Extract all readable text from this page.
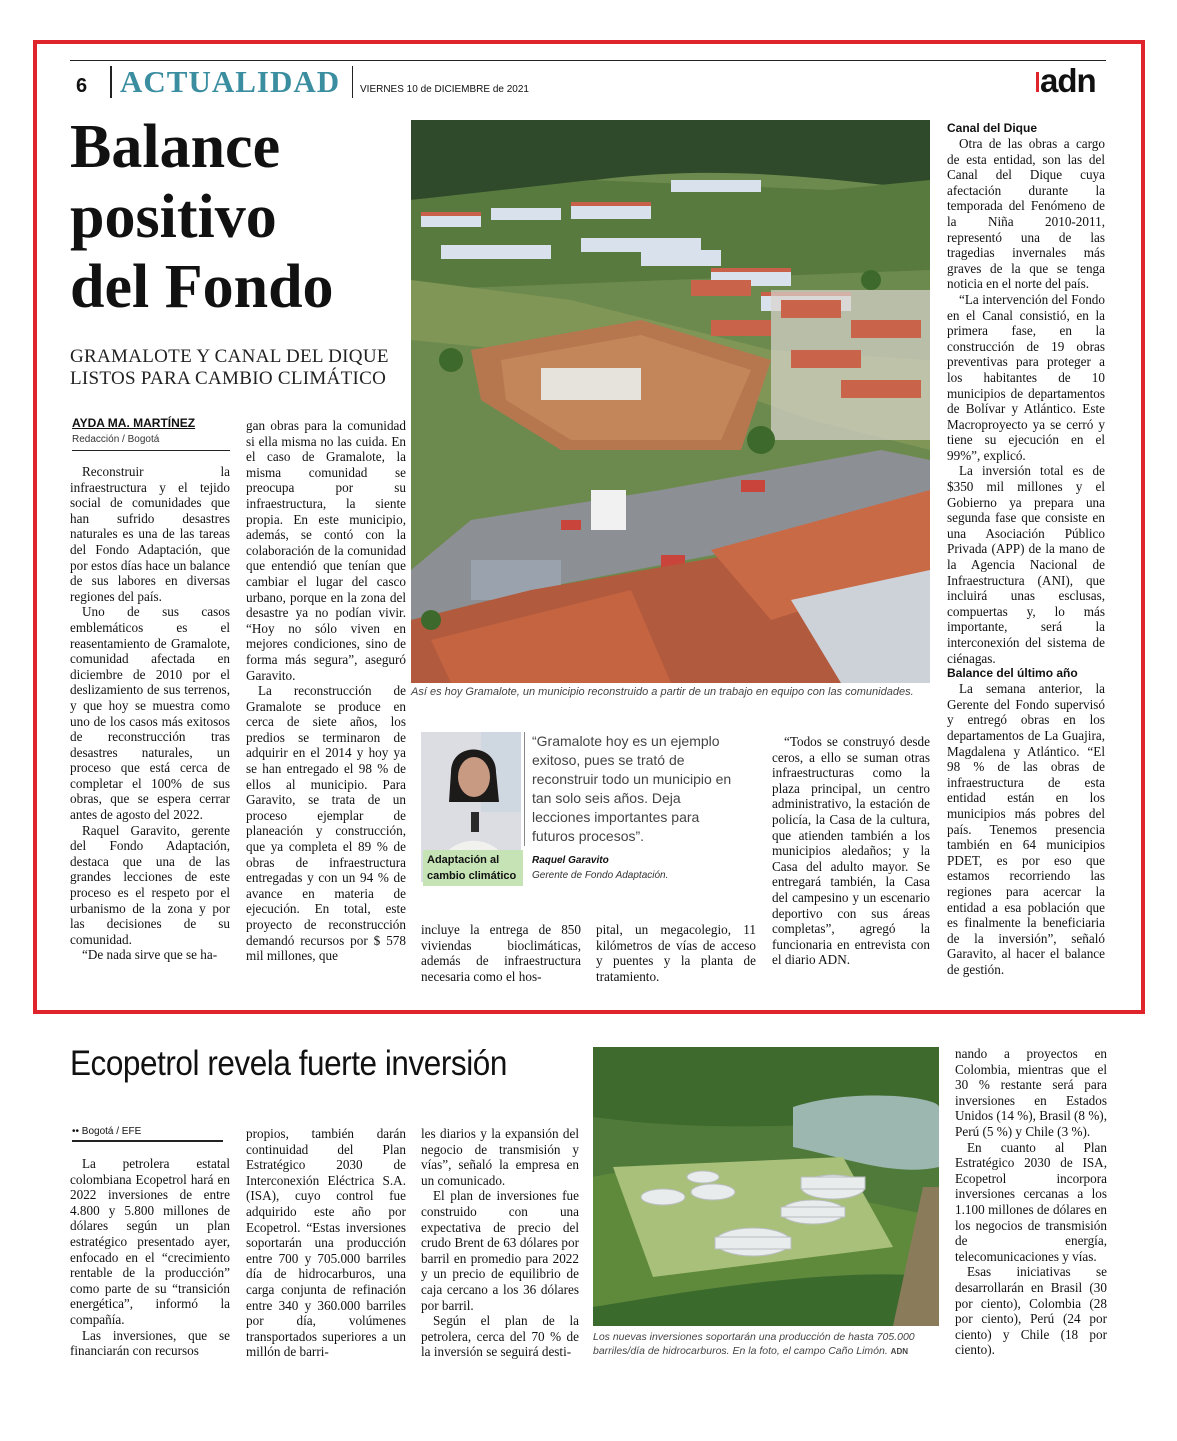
6 ACTUALIDAD VIERNES 10 de DICIEMBRE de 2021	adn
Balance
positivo
del Fondo
GRAMALOTE Y CANAL DEL DIQUE
LISTOS PARA CAMBIO CLIMÁTICO
AYDA MA. MARTÍNEZ
Redacción / Bogotá

Reconstruir la infraestructura y el tejido social de comunidades que han sufrido desastres naturales es una de las tareas del Fondo Adaptación, que por estos días hace un balance de sus labores en diversas regiones del país.

Uno de sus casos emblemáticos es el reasentamiento de Gramalote, comunidad afectada en diciembre de 2010 por el deslizamiento de sus terrenos, y que hoy se muestra como uno de los casos más exitosos de reconstrucción tras desastres naturales, un proceso que está cerca de completar el 100% de sus obras, que se espera cerrar antes de agosto del 2022.

Raquel Garavito, gerente del Fondo Adaptación, destaca que una de las grandes lecciones de este proceso es el respeto por el urbanismo de la zona y por las decisiones de su comunidad.

“De nada sirve que se ha-

gan obras para la comunidad si ella misma no las cuida. En el caso de Gramalote, la misma comunidad se preocupa por su infraestructura, la siente propia. En este municipio, además, se contó con la colaboración de la comunidad que entendió que tenían que cambiar el lugar del casco urbano, porque en la zona del desastre ya no podían vivir. “Hoy no sólo viven en mejores condiciones, sino de forma más segura”, aseguró Garavito.

La reconstrucción de Gramalote se produce en cerca de siete años, los predios se terminaron de adquirir en el 2014 y hoy ya se han entregado el 98 % de ellos al municipio. Para Garavito, se trata de un proceso ejemplar de planeación y construcción, que ya completa el 89 % de obras de infraestructura entregadas y con un 94 % de avance en materia de ejecución. En total, este proyecto de reconstrucción demandó recursos por $ 578 mil millones, que

Así es hoy Gramalote, un municipio reconstruido a partir de un trabajo en equipo con las comunidades.
Adaptación al
cambio climático
“Gramalote hoy es un ejemplo exitoso, pues se trató de reconstruir todo un municipio en tan solo seis años. Deja lecciones importantes para futuros procesos”.
Raquel Garavito
Gerente de Fondo Adaptación.

incluye la entrega de 850 viviendas bioclimáticas, además de infraestructura necesaria como el hos-

pital, un megacolegio, 11 kilómetros de vías de acceso y puentes y la planta de tratamiento.

“Todos se construyó desde ceros, a ello se suman otras infraestructuras como la plaza principal, un centro administrativo, la estación de policía, la Casa de la cultura, que atienden también a los municipios aledaños; y la Casa del adulto mayor. Se entregará también, la Casa del campesino y un escenario deportivo con sus áreas completas”, agregó la funcionaria en entrevista con el diario ADN.

Canal del Dique

Otra de las obras a cargo de esta entidad, son las del Canal del Dique cuya afectación durante la temporada del Fenómeno de la Niña 2010-2011, representó una de las tragedias invernales más graves de la que se tenga noticia en el norte del país.

“La intervención del Fondo en el Canal consistió, en la primera fase, en la construcción de 19 obras preventivas para proteger a los habitantes de 10 municipios de departamentos de Bolívar y Atlántico. Este Macroproyecto ya se cerró y tiene su ejecución en el 99%”, explicó.

La inversión total es de $350 mil millones y el Gobierno ya prepara una segunda fase que consiste en una Asociación Público Privada (APP) de la mano de la Agencia Nacional de Infraestructura (ANI), que incluirá unas esclusas, compuertas y, lo más importante, será la interconexión del sistema de ciénagas.

Balance del último año

La semana anterior, la Gerente del Fondo supervisó y entregó obras en los departamentos de La Guajira, Magdalena y Atlántico. “El 98 % de las obras de infraestructura de esta entidad están en los municipios más pobres del país. Tenemos presencia también en 64 municipios PDET, es por eso que estamos recorriendo las regiones para acercar la entidad a esa población que es finalmente la beneficiaria de la inversión”, señaló Garavito, al hacer el balance de gestión.

Ecopetrol revela fuerte inversión
•• Bogotá / EFE

La petrolera estatal colombiana Ecopetrol hará en 2022 inversiones de entre 4.800 y 5.800 millones de dólares según un plan estratégico presentado ayer, enfocado en el “crecimiento rentable de la producción” como parte de su “transición energética”, informó la compañía.

Las inversiones, que se financiarán con recursos

propios, también darán continuidad del Plan Estratégico 2030 de Interconexión Eléctrica S.A. (ISA), cuyo control fue adquirido este año por Ecopetrol. “Estas inversiones soportarán una producción entre 700 y 705.000 barriles día de hidrocarburos, una carga conjunta de refinación entre 340 y 360.000 barriles por día, volúmenes transportados superiores a un millón de barri-

les diarios y la expansión del negocio de transmisión y vías”, señaló la empresa en un comunicado.

El plan de inversiones fue construido con una expectativa de precio del crudo Brent de 63 dólares por barril en promedio para 2022 y un precio de equilibrio de caja cercano a los 36 dólares por barril.

Según el plan de la petrolera, cerca del 70 % de la inversión se seguirá desti-

Los nuevas inversiones soportarán una producción de hasta 705.000 barriles/día de hidrocarburos. En la foto, el campo Caño Limón. ADN

nando a proyectos en Colombia, mientras que el 30 % restante será para inversiones en Estados Unidos (14 %), Brasil (8 %), Perú (5 %) y Chile (3 %).

En cuanto al Plan Estratégico 2030 de ISA, Ecopetrol incorpora inversiones cercanas a los 1.100 millones de dólares en los negocios de transmisión de energía, telecomunicaciones y vías.

Esas iniciativas se desarrollarán en Brasil (30 por ciento), Colombia (28 por ciento), Perú (24 por ciento) y Chile (18 por ciento).
